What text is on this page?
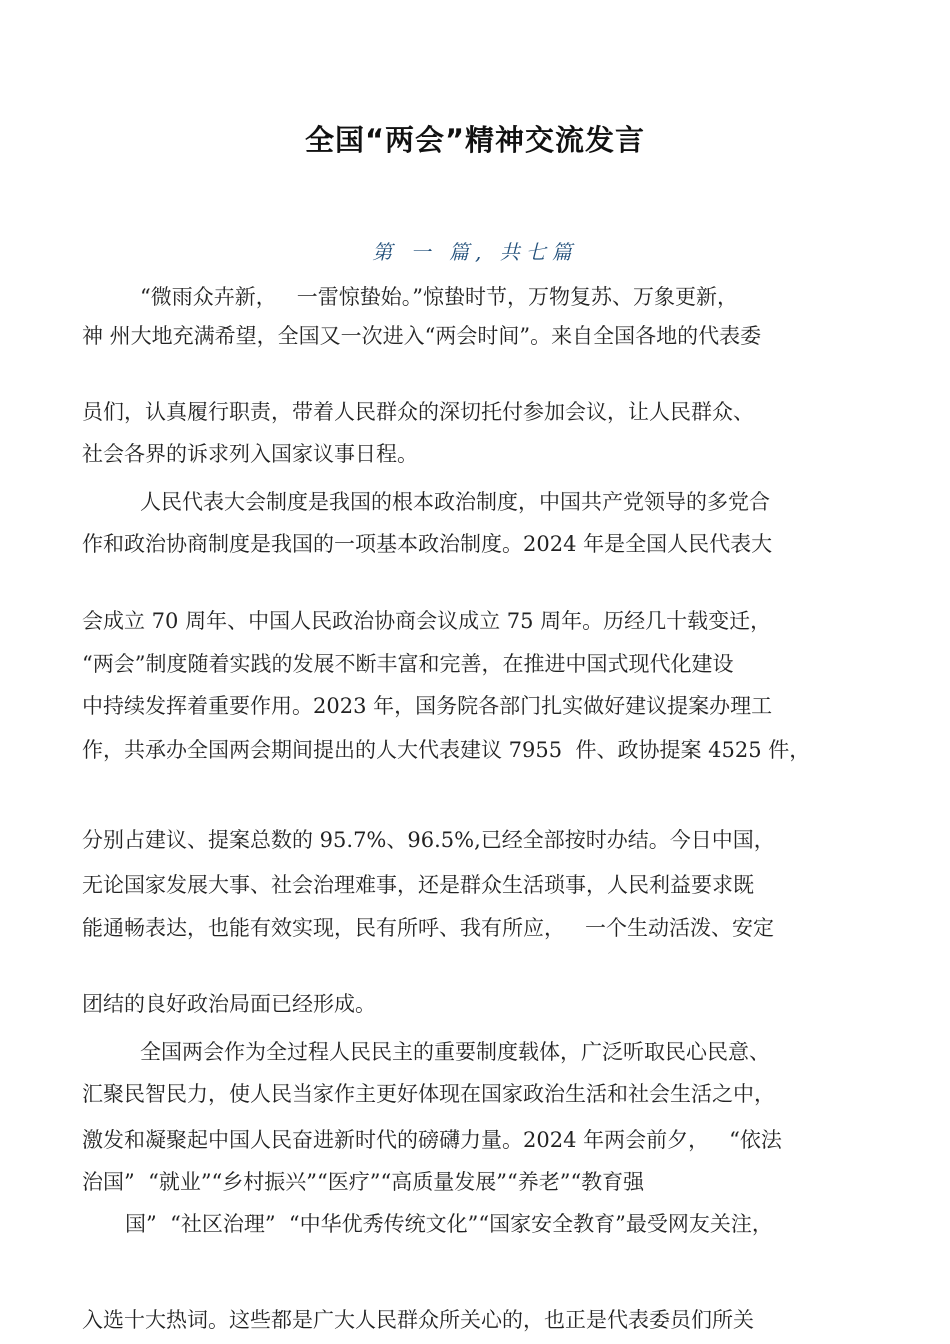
全国“两会”精神交流发言
第 一 篇, 共七篇
“微雨众卉新，   一雷惊蛰始。”惊蛰时节，万物复苏、万象更新，
神 州大地充满希望，全国又一次进入“两会时间”。来自全国各地的代表委
员们，认真履行职责，带着人民群众的深切托付参加会议，让人民群众、
社会各界的诉求列入国家议事日程。
人民代表大会制度是我国的根本政治制度，中国共产党领导的多党合
作和政治协商制度是我国的一项基本政治制度。2024 年是全国人民代表大
会成立 70 周年、中国人民政治协商会议成立 75 周年。历经几十载变迁，
“两会”制度随着实践的发展不断丰富和完善，在推进中国式现代化建设
中持续发挥着重要作用。2023 年，国务院各部门扎实做好建议提案办理工
作，共承办全国两会期间提出的人大代表建议 7955  件、政协提案 4525 件，
分别占建议、提案总数的 95.7%、96.5%,已经全部按时办结。今日中国，
无论国家发展大事、社会治理难事，还是群众生活琐事，人民利益要求既
能通畅表达，也能有效实现，民有所呼、我有所应，   一个生动活泼、安定
团结的良好政治局面已经形成。
全国两会作为全过程人民民主的重要制度载体，广泛听取民心民意、
汇聚民智民力，使人民当家作主更好体现在国家政治生活和社会生活之中，
激发和凝聚起中国人民奋进新时代的磅礴力量。2024 年两会前夕，   “依法
治国”  “就业”“乡村振兴”“医疗”“高质量发展”“养老”“教育强
国”  “社区治理”  “中华优秀传统文化”“国家安全教育”最受网友关注，
入选十大热词。这些都是广大人民群众所关心的，也正是代表委员们所关
